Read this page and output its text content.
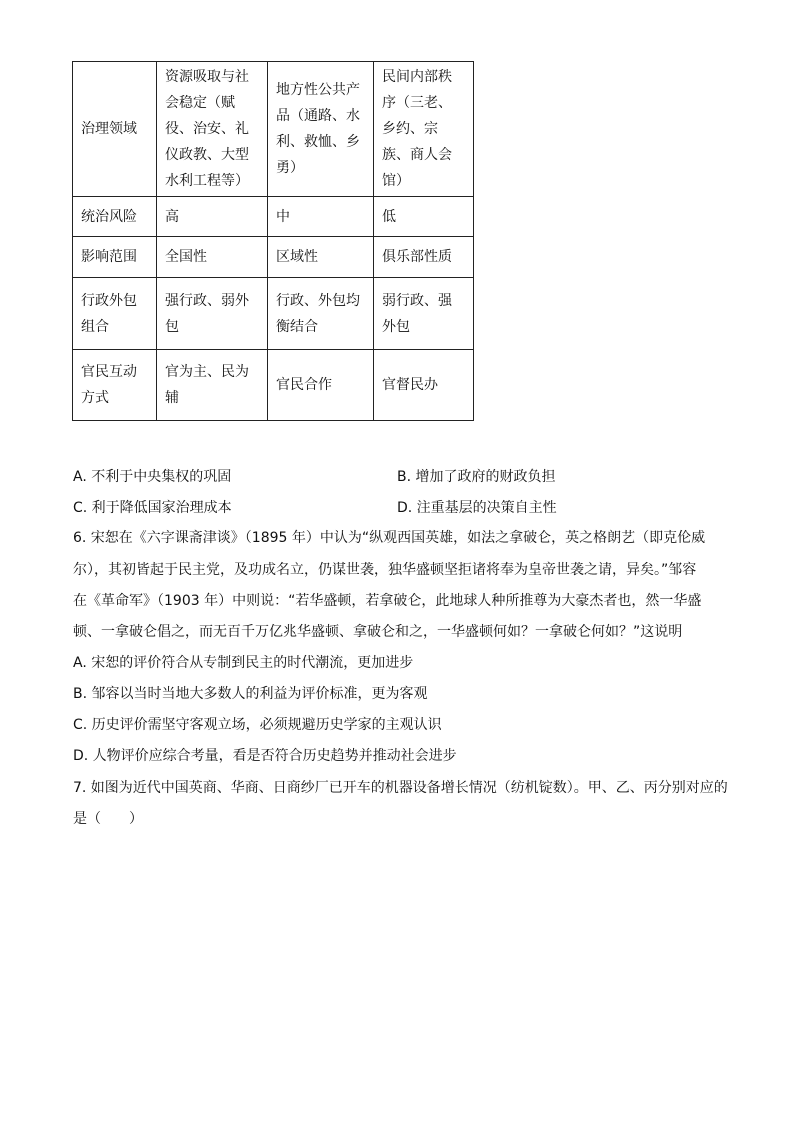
治理领域	资源吸取与社会稳定（赋役、治安、礼仪政教、大型水利工程等）	地方性公共产品（通路、水利、救恤、乡勇）	民间内部秩序（三老、乡约、宗族、商人会馆）
统治风险	高	中	低
影响范围	全国性	区域性	俱乐部性质
行政外包组合	强行政、弱外包	行政、外包均衡结合	弱行政、强外包
官民互动方式	官为主、民为辅	官民合作	官督民办
A. 不利于中央集权的巩固	B. 增加了政府的财政负担
C. 利于降低国家治理成本	D. 注重基层的决策自主性
6. 宋恕在《六字课斋津谈》（1895 年）中认为“纵观西国英雄，如法之拿破仑，英之格朗艺（即克伦威
尔），其初皆起于民主党，及功成名立，仍谋世袭，独华盛顿坚拒诸将奉为皇帝世袭之请，异矣。”邹容
在《革命军》（1903 年）中则说：“若华盛顿，若拿破仑，此地球人种所推尊为大豪杰者也，然一华盛
顿、一拿破仑倡之，而无百千万亿兆华盛顿、拿破仑和之，一华盛顿何如？一拿破仑何如？”这说明
A. 宋恕的评价符合从专制到民主的时代潮流，更加进步
B. 邹容以当时当地大多数人的利益为评价标准，更为客观
C. 历史评价需坚守客观立场，必须规避历史学家的主观认识
D. 人物评价应综合考量，看是否符合历史趋势并推动社会进步
7. 如图为近代中国英商、华商、日商纱厂已开车的机器设备增长情况（纺机锭数）。甲、乙、丙分别对应的
是（　　）
